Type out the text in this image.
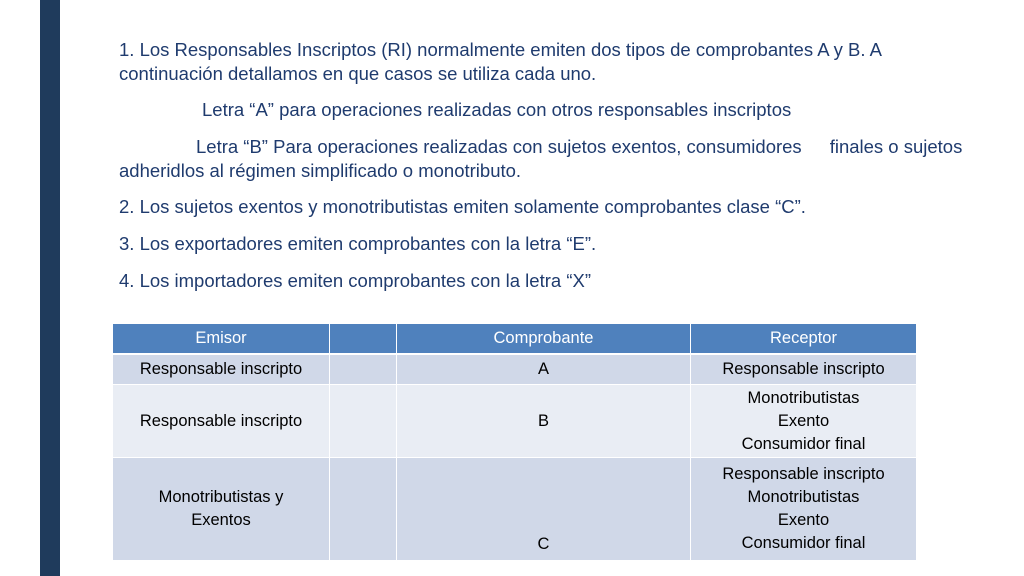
1. Los Responsables Inscriptos (RI) normalmente emiten dos tipos de comprobantes A y B. A continuación detallamos en que casos se utiliza cada uno.

Letra “A” para operaciones realizadas con otros responsables inscriptos

Letra “B” Para operaciones realizadas con sujetos exentos, consumidores finales o sujetos adheridlos al régimen simplificado o monotributo.

2. Los sujetos exentos y monotributistas emiten solamente comprobantes clase “C”.

3. Los exportadores emiten comprobantes con la letra “E”.

4. Los importadores emiten comprobantes con la letra “X”

Emisor		Comprobante	Receptor
Responsable inscripto		A	Responsable inscripto

Responsable inscripto		B	Monotributistas
Exento
Consumidor final

Monotributistas y
Exentos		C	Responsable inscripto
Monotributistas
Exento
Consumidor final
